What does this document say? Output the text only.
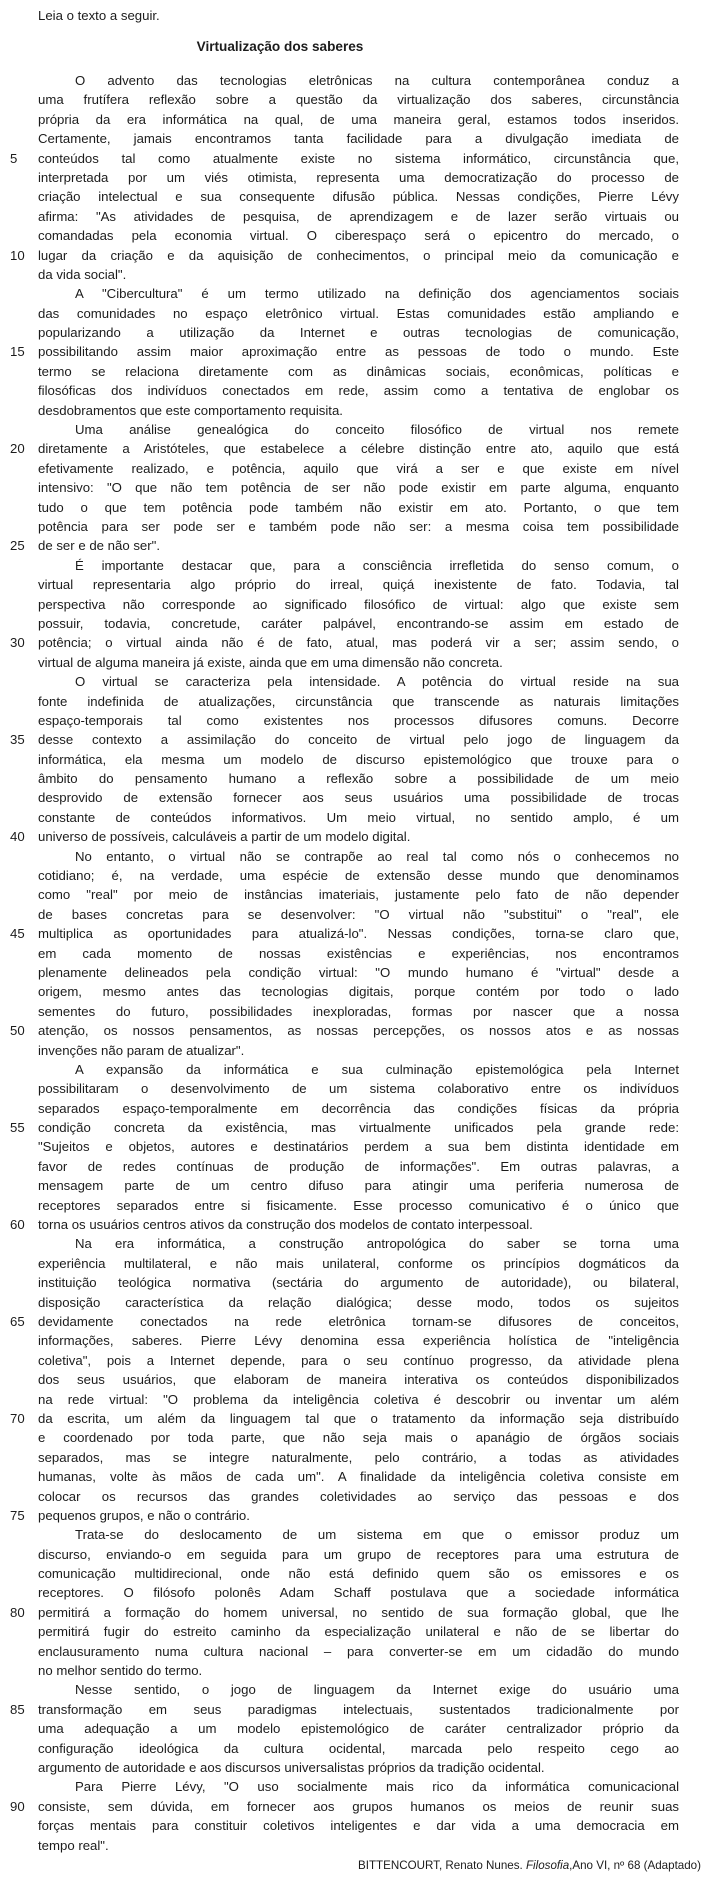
Leia o texto a seguir.
Virtualização dos saberes
O advento das tecnologias eletrônicas na cultura contemporânea conduz a
uma frutífera reflexão sobre a questão da virtualização dos saberes, circunstância
própria da era informática na qual, de uma maneira geral, estamos todos inseridos.
Certamente, jamais encontramos tanta facilidade para a divulgação imediata de
5	conteúdos tal como atualmente existe no sistema informático, circunstância que,
interpretada por um viés otimista, representa uma democratização do processo de
criação intelectual e sua consequente difusão pública. Nessas condições, Pierre Lévy
afirma: "As atividades de pesquisa, de aprendizagem e de lazer serão virtuais ou
comandadas pela economia virtual. O ciberespaço será o epicentro do mercado, o
10	lugar da criação e da aquisição de conhecimentos, o principal meio da comunicação e
da vida social".
A "Cibercultura" é um termo utilizado na definição dos agenciamentos sociais
das comunidades no espaço eletrônico virtual. Estas comunidades estão ampliando e
popularizando a utilização da Internet e outras tecnologias de comunicação,
15	possibilitando assim maior aproximação entre as pessoas de todo o mundo. Este
termo se relaciona diretamente com as dinâmicas sociais, econômicas, políticas e
filosóficas dos indivíduos conectados em rede, assim como a tentativa de englobar os
desdobramentos que este comportamento requisita.
Uma análise genealógica do conceito filosófico de virtual nos remete
20	diretamente a Aristóteles, que estabelece a célebre distinção entre ato, aquilo que está
efetivamente realizado, e potência, aquilo que virá a ser e que existe em nível
intensivo: "O que não tem potência de ser não pode existir em parte alguma, enquanto
tudo o que tem potência pode também não existir em ato. Portanto, o que tem
potência para ser pode ser e também pode não ser: a mesma coisa tem possibilidade
25	de ser e de não ser".
É importante destacar que, para a consciência irrefletida do senso comum, o
virtual representaria algo próprio do irreal, quiçá inexistente de fato. Todavia, tal
perspectiva não corresponde ao significado filosófico de virtual: algo que existe sem
possuir, todavia, concretude, caráter palpável, encontrando-se assim em estado de
30	potência; o virtual ainda não é de fato, atual, mas poderá vir a ser; assim sendo, o
virtual de alguma maneira já existe, ainda que em uma dimensão não concreta.
O virtual se caracteriza pela intensidade. A potência do virtual reside na sua
fonte indefinida de atualizações, circunstância que transcende as naturais limitações
espaço-temporais tal como existentes nos processos difusores comuns. Decorre
35	desse contexto a assimilação do conceito de virtual pelo jogo de linguagem da
informática, ela mesma um modelo de discurso epistemológico que trouxe para o
âmbito do pensamento humano a reflexão sobre a possibilidade de um meio
desprovido de extensão fornecer aos seus usuários uma possibilidade de trocas
constante de conteúdos informativos. Um meio virtual, no sentido amplo, é um
40	universo de possíveis, calculáveis a partir de um modelo digital.
No entanto, o virtual não se contrapõe ao real tal como nós o conhecemos no
cotidiano; é, na verdade, uma espécie de extensão desse mundo que denominamos
como "real" por meio de instâncias imateriais, justamente pelo fato de não depender
de bases concretas para se desenvolver: "O virtual não "substitui" o "real", ele
45	multiplica as oportunidades para atualizá-lo". Nessas condições, torna-se claro que,
em cada momento de nossas existências e experiências, nos encontramos
plenamente delineados pela condição virtual: "O mundo humano é "virtual" desde a
origem, mesmo antes das tecnologias digitais, porque contém por todo o lado
sementes do futuro, possibilidades inexploradas, formas por nascer que a nossa
50	atenção, os nossos pensamentos, as nossas percepções, os nossos atos e as nossas
invenções não param de atualizar".
A expansão da informática e sua culminação epistemológica pela Internet
possibilitaram o desenvolvimento de um sistema colaborativo entre os indivíduos
separados espaço-temporalmente em decorrência das condições físicas da própria
55	condição concreta da existência, mas virtualmente unificados pela grande rede:
"Sujeitos e objetos, autores e destinatários perdem a sua bem distinta identidade em
favor de redes contínuas de produção de informações". Em outras palavras, a
mensagem parte de um centro difuso para atingir uma periferia numerosa de
receptores separados entre si fisicamente. Esse processo comunicativo é o único que
60	torna os usuários centros ativos da construção dos modelos de contato interpessoal.
Na era informática, a construção antropológica do saber se torna uma
experiência multilateral, e não mais unilateral, conforme os princípios dogmáticos da
instituição teológica normativa (sectária do argumento de autoridade), ou bilateral,
disposição característica da relação dialógica; desse modo, todos os sujeitos
65	devidamente conectados na rede eletrônica tornam-se difusores de conceitos,
informações, saberes. Pierre Lévy denomina essa experiência holística de "inteligência
coletiva", pois a Internet depende, para o seu contínuo progresso, da atividade plena
dos seus usuários, que elaboram de maneira interativa os conteúdos disponibilizados
na rede virtual: "O problema da inteligência coletiva é descobrir ou inventar um além
70	da escrita, um além da linguagem tal que o tratamento da informação seja distribuído
e coordenado por toda parte, que não seja mais o apanágio de órgãos sociais
separados, mas se integre naturalmente, pelo contrário, a todas as atividades
humanas, volte às mãos de cada um". A finalidade da inteligência coletiva consiste em
colocar os recursos das grandes coletividades ao serviço das pessoas e dos
75	pequenos grupos, e não o contrário.
Trata-se do deslocamento de um sistema em que o emissor produz um
discurso, enviando-o em seguida para um grupo de receptores para uma estrutura de
comunicação multidirecional, onde não está definido quem são os emissores e os
receptores. O filósofo polonês Adam Schaff postulava que a sociedade informática
80	permitirá a formação do homem universal, no sentido de sua formação global, que lhe
permitirá fugir do estreito caminho da especialização unilateral e não de se libertar do
enclausuramento numa cultura nacional – para converter-se em um cidadão do mundo
no melhor sentido do termo.
Nesse sentido, o jogo de linguagem da Internet exige do usuário uma
85	transformação em seus paradigmas intelectuais, sustentados tradicionalmente por
uma adequação a um modelo epistemológico de caráter centralizador próprio da
configuração ideológica da cultura ocidental, marcada pelo respeito cego ao
argumento de autoridade e aos discursos universalistas próprios da tradição ocidental.
Para Pierre Lévy, "O uso socialmente mais rico da informática comunicacional
90	consiste, sem dúvida, em fornecer aos grupos humanos os meios de reunir suas
forças mentais para constituir coletivos inteligentes e dar vida a uma democracia em
tempo real".
BITTENCOURT, Renato Nunes. Filosofia,Ano VI, nº 68 (Adaptado)
